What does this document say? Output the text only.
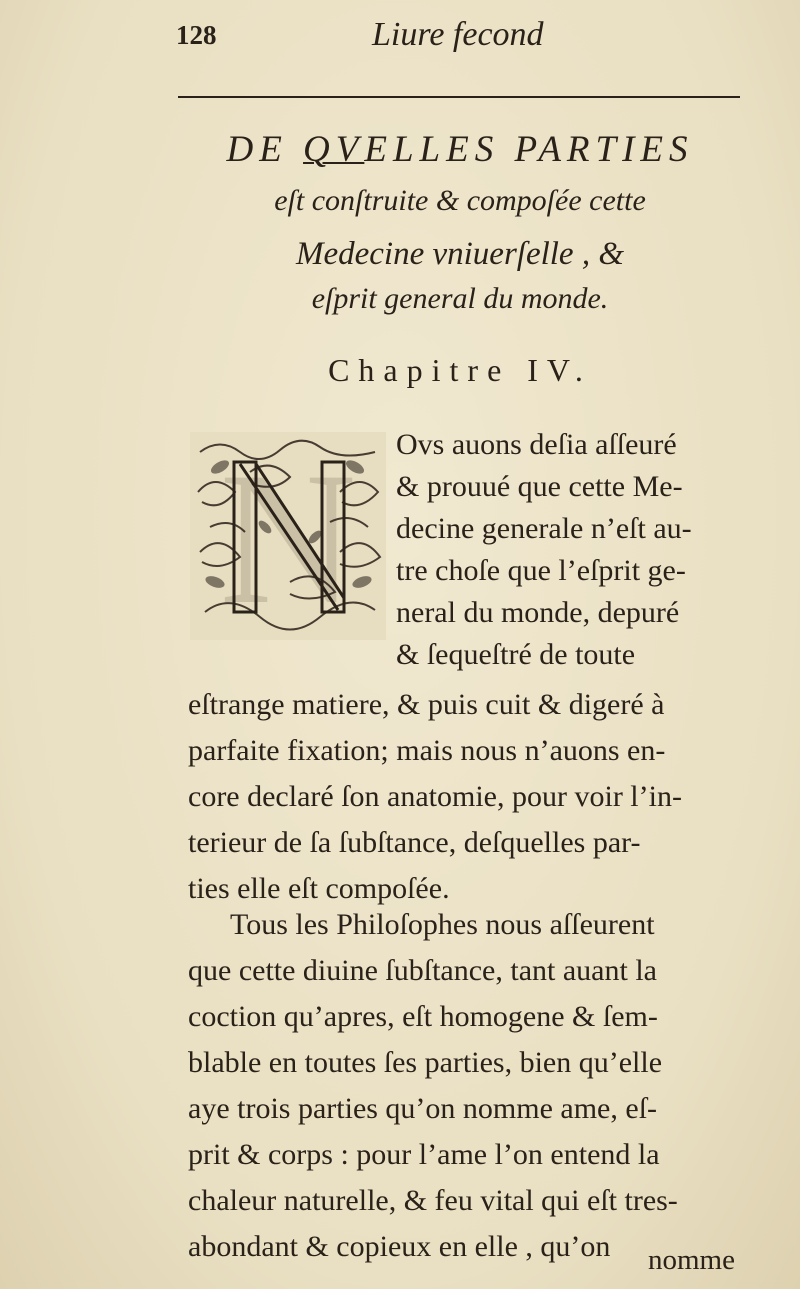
128	Liure fecond
DE QVELLES PARTIES
eſt conſtruite & compoſée cette
Medecine vniuerſelle , &
eſprit general du monde.
Chapitre IV.
N Ovs auons deſia aſſeuré
& prouué que cette Me-
decine generale n’eſt au-
tre choſe que l’eſprit ge-
neral du monde, depuré
& ſequeſtré de toute
eſtrange matiere, & puis cuit & digeré à
parfaite fixation; mais nous n’auons en-
core declaré ſon anatomie, pour voir l’in-
terieur de ſa ſubſtance, deſquelles par-
ties elle eſt compoſée.
Tous les Philoſophes nous aſſeurent
que cette diuine ſubſtance, tant auant la
coction qu’apres, eſt homogene & ſem-
blable en toutes ſes parties, bien qu’elle
aye trois parties qu’on nomme ame, eſ-
prit & corps : pour l’ame l’on entend la
chaleur naturelle, & feu vital qui eſt tres-
abondant & copieux en elle , qu’on nomme
